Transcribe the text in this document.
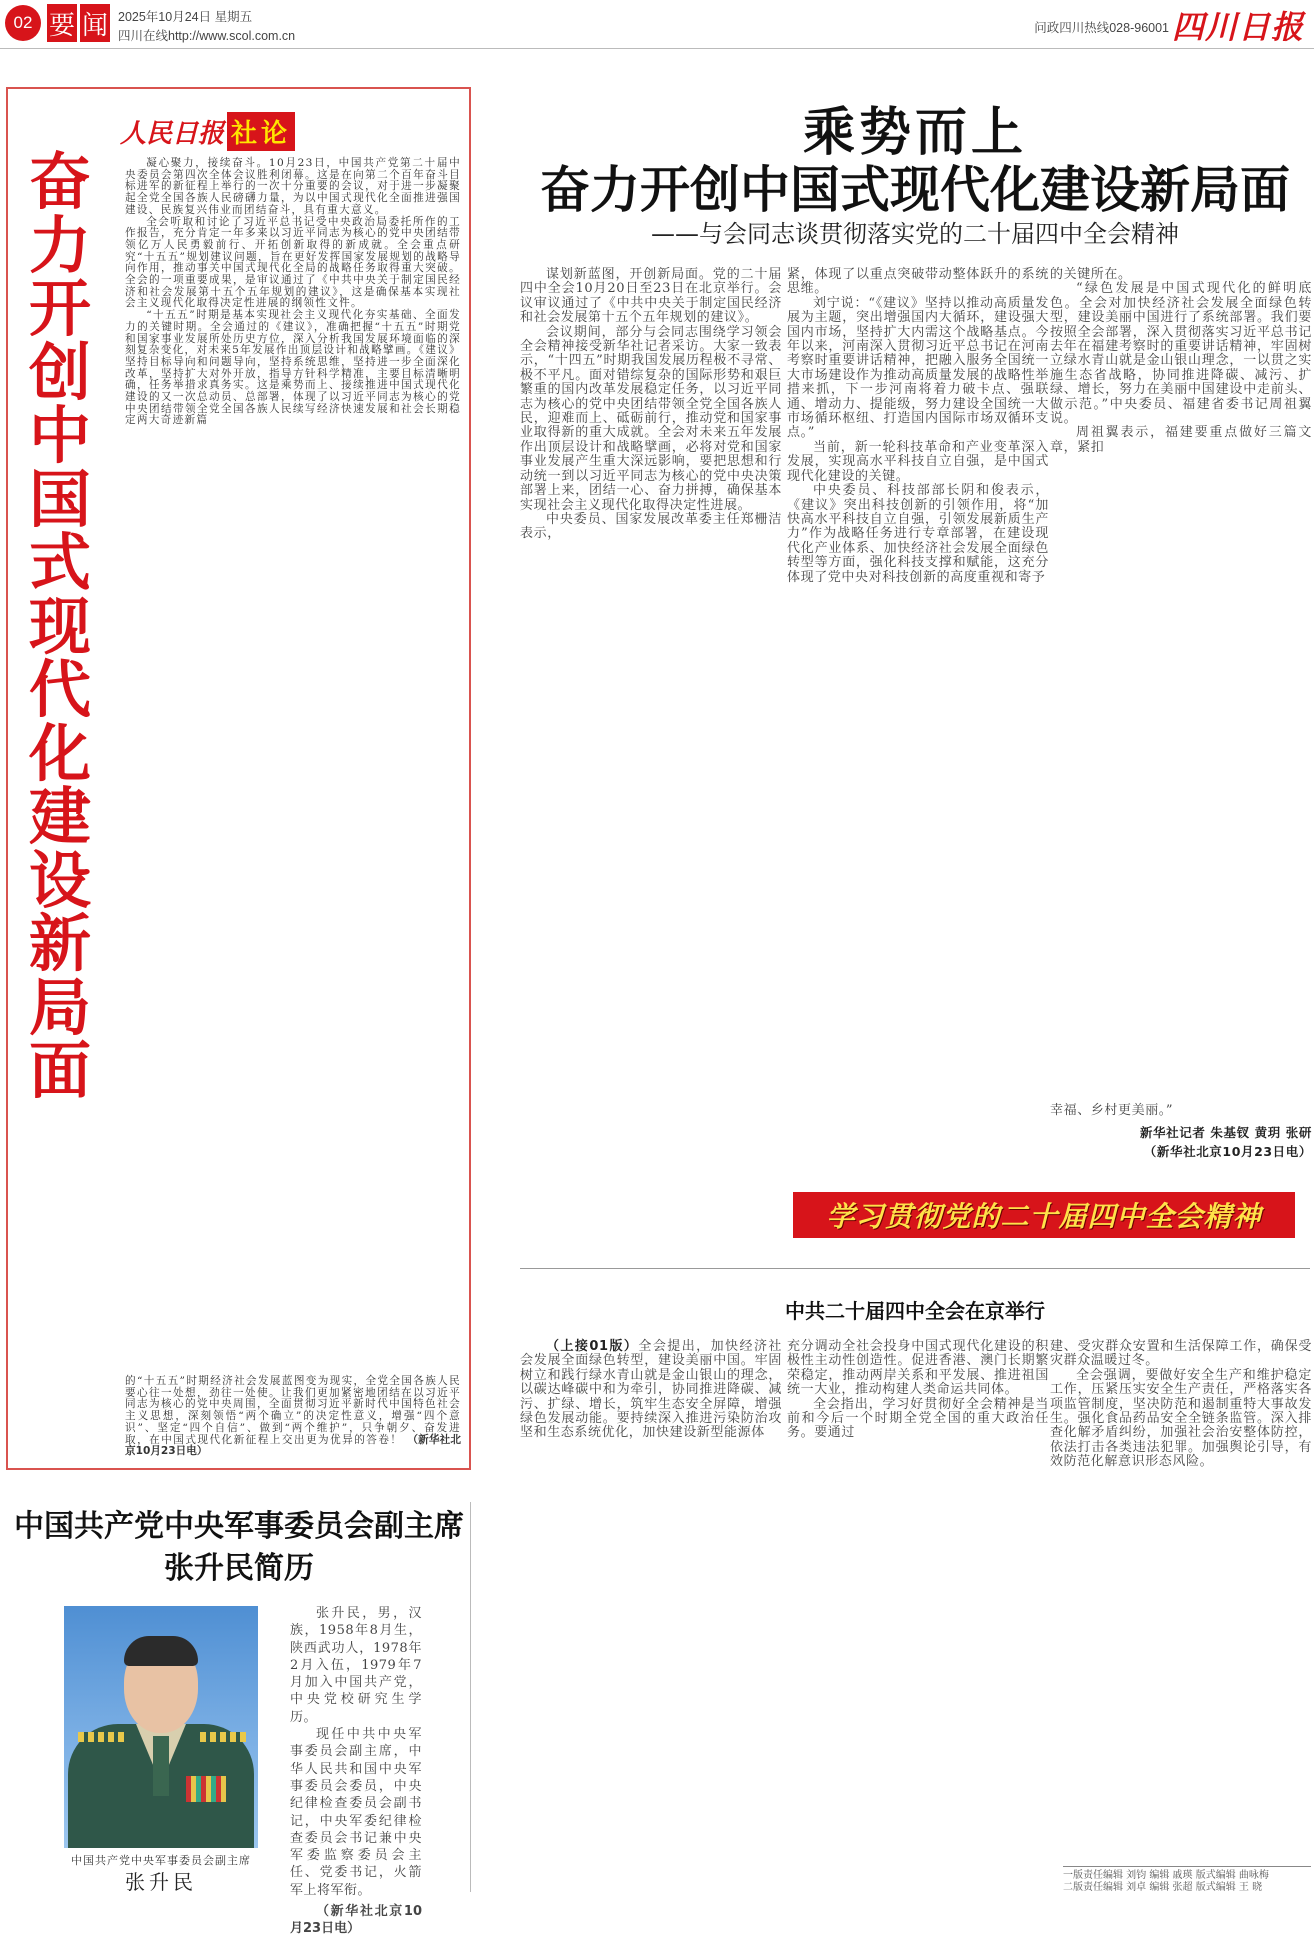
02 要 闻 2025年10月24日 星期五
四川在线http://www.scol.com.cn
问政四川热线028-96001 四川日报
奋力开创中国式现代化建设新局面
人民日报 社论

凝心聚力，接续奋斗。10月23日，中国共产党第二十届中央委员会第四次全体会议胜利闭幕。这是在向第二个百年奋斗目标进军的新征程上举行的一次十分重要的会议，对于进一步凝聚起全党全国各族人民磅礴力量，为以中国式现代化全面推进强国建设、民族复兴伟业而团结奋斗，具有重大意义。

全会听取和讨论了习近平总书记受中央政治局委托所作的工作报告，充分肯定一年多来以习近平同志为核心的党中央团结带领亿万人民勇毅前行、开拓创新取得的新成就。全会重点研究“十五五”规划建议问题，旨在更好发挥国家发展规划的战略导向作用，推动事关中国式现代化全局的战略任务取得重大突破。全会的一项重要成果，是审议通过了《中共中央关于制定国民经济和社会发展第十五个五年规划的建议》，这是确保基本实现社会主义现代化取得决定性进展的纲领性文件。

“十五五”时期是基本实现社会主义现代化夯实基础、全面发力的关键时期。全会通过的《建议》，准确把握“十五五”时期党和国家事业发展所处历史方位，深入分析我国发展环境面临的深刻复杂变化，对未来5年发展作出顶层设计和战略擘画。《建议》坚持目标导向和问题导向，坚持系统思维，坚持进一步全面深化改革，坚持扩大对外开放，指导方针科学精准，主要目标清晰明确，任务举措求真务实。这是乘势而上、接续推进中国式现代化建设的又一次总动员、总部署，体现了以习近平同志为核心的党中央团结带领全党全国各族人民续写经济快速发展和社会长期稳定两大奇迹新篇

的“十五五”时期经济社会发展蓝图变为现实，全党全国各族人民要心往一处想，劲往一处使。让我们更加紧密地团结在以习近平同志为核心的党中央周围，全面贯彻习近平新时代中国特色社会主义思想，深刻领悟“两个确立”的决定性意义，增强“四个意识”、坚定“四个自信”、做到“两个维护”，只争朝夕、奋发进取，在中国式现代化新征程上交出更为优异的答卷！ （新华社北京10月23日电）

乘势而上
奋力开创中国式现代化建设新局面
——与会同志谈贯彻落实党的二十届四中全会精神

谋划新蓝图，开创新局面。党的二十届四中全会10月20日至23日在北京举行。会议审议通过了《中共中央关于制定国民经济和社会发展第十五个五年规划的建议》。

会议期间，部分与会同志围绕学习领会全会精神接受新华社记者采访。大家一致表示，“十四五”时期我国发展历程极不寻常、极不平凡。面对错综复杂的国际形势和艰巨繁重的国内改革发展稳定任务，以习近平同志为核心的党中央团结带领全党全国各族人民，迎难而上、砥砺前行，推动党和国家事业取得新的重大成就。全会对未来五年发展作出顶层设计和战略擘画，必将对党和国家事业发展产生重大深远影响，要把思想和行动统一到以习近平同志为核心的党中央决策部署上来，团结一心、奋力拼搏，确保基本实现社会主义现代化取得决定性进展。

中央委员、国家发展改革委主任郑栅洁表示，

紧，体现了以重点突破带动整体跃升的系统思维。

刘宁说：“《建议》坚持以推动高质量发展为主题，突出增强国内大循环，建设强大国内市场，坚持扩大内需这个战略基点。今年以来，河南深入贯彻习近平总书记在河南考察时重要讲话精神，把融入服务全国统一大市场建设作为推动高质量发展的战略性举措来抓，下一步河南将着力破卡点、强联通、增动力、提能级，努力建设全国统一大市场循环枢纽、打造国内国际市场双循环支点。”

当前，新一轮科技革命和产业变革深入发展，实现高水平科技自立自强，是中国式现代化建设的关键。

中央委员、科技部部长阴和俊表示，《建议》突出科技创新的引领作用，将“加快高水平科技自立自强，引领发展新质生产力”作为战略任务进行专章部署，在建设现代化产业体系、加快经济社会发展全面绿色转型等方面，强化科技支撑和赋能，这充分体现了党中央对科技创新的高度重视和寄予

的关键所在。

“绿色发展是中国式现代化的鲜明底色。全会对加快经济社会发展全面绿色转型，建设美丽中国进行了系统部署。我们要按照全会部署，深入贯彻落实习近平总书记去年在福建考察时的重要讲话精神，牢固树立绿水青山就是金山银山理念，一以贯之实施生态省战略，协同推进降碳、减污、扩绿、增长，努力在美丽中国建设中走前头、做示范。”中央委员、福建省委书记周祖翼说。

周祖翼表示，福建要重点做好三篇文章，紧扣

幸福、乡村更美丽。”

新华社记者 朱基钗 黄玥 张研
（新华社北京10月23日电）
学习贯彻党的二十届四中全会精神
中共二十届四中全会在京举行

（上接01版）全会提出，加快经济社会发展全面绿色转型，建设美丽中国。牢固树立和践行绿水青山就是金山银山的理念，以碳达峰碳中和为牵引，协同推进降碳、减污、扩绿、增长，筑牢生态安全屏障，增强绿色发展动能。要持续深入推进污染防治攻坚和生态系统优化，加快建设新型能源体

充分调动全社会投身中国式现代化建设的积极性主动性创造性。促进香港、澳门长期繁荣稳定，推动两岸关系和平发展、推进祖国统一大业，推动构建人类命运共同体。

全会指出，学习好贯彻好全会精神是当前和今后一个时期全党全国的重大政治任务。要通过

建、受灾群众安置和生活保障工作，确保受灾群众温暖过冬。

全会强调，要做好安全生产和维护稳定工作，压紧压实安全生产责任，严格落实各项监管制度，坚决防范和遏制重特大事故发生。强化食品药品安全全链条监管。深入排查化解矛盾纠纷，加强社会治安整体防控，依法打击各类违法犯罪。加强舆论引导，有效防范化解意识形态风险。

中国共产党中央军事委员会副主席
张升民简历
中国共产党中央军事委员会副主席
张升民

张升民，男，汉族，1958年8月生，陕西武功人，1978年2月入伍，1979年7月加入中国共产党，中央党校研究生学历。

现任中共中央军事委员会副主席，中华人民共和国中央军事委员会委员，中央纪律检查委员会副书记，中央军委纪律检查委员会书记兼中央军委监察委员会主任、党委书记，火箭军上将军衔。

（新华社北京10月23日电）

一版责任编辑 刘钧 编辑 戚瑛 版式编辑 曲咏梅
二版责任编辑 刘卓 编辑 张超 版式编辑 王 晓
